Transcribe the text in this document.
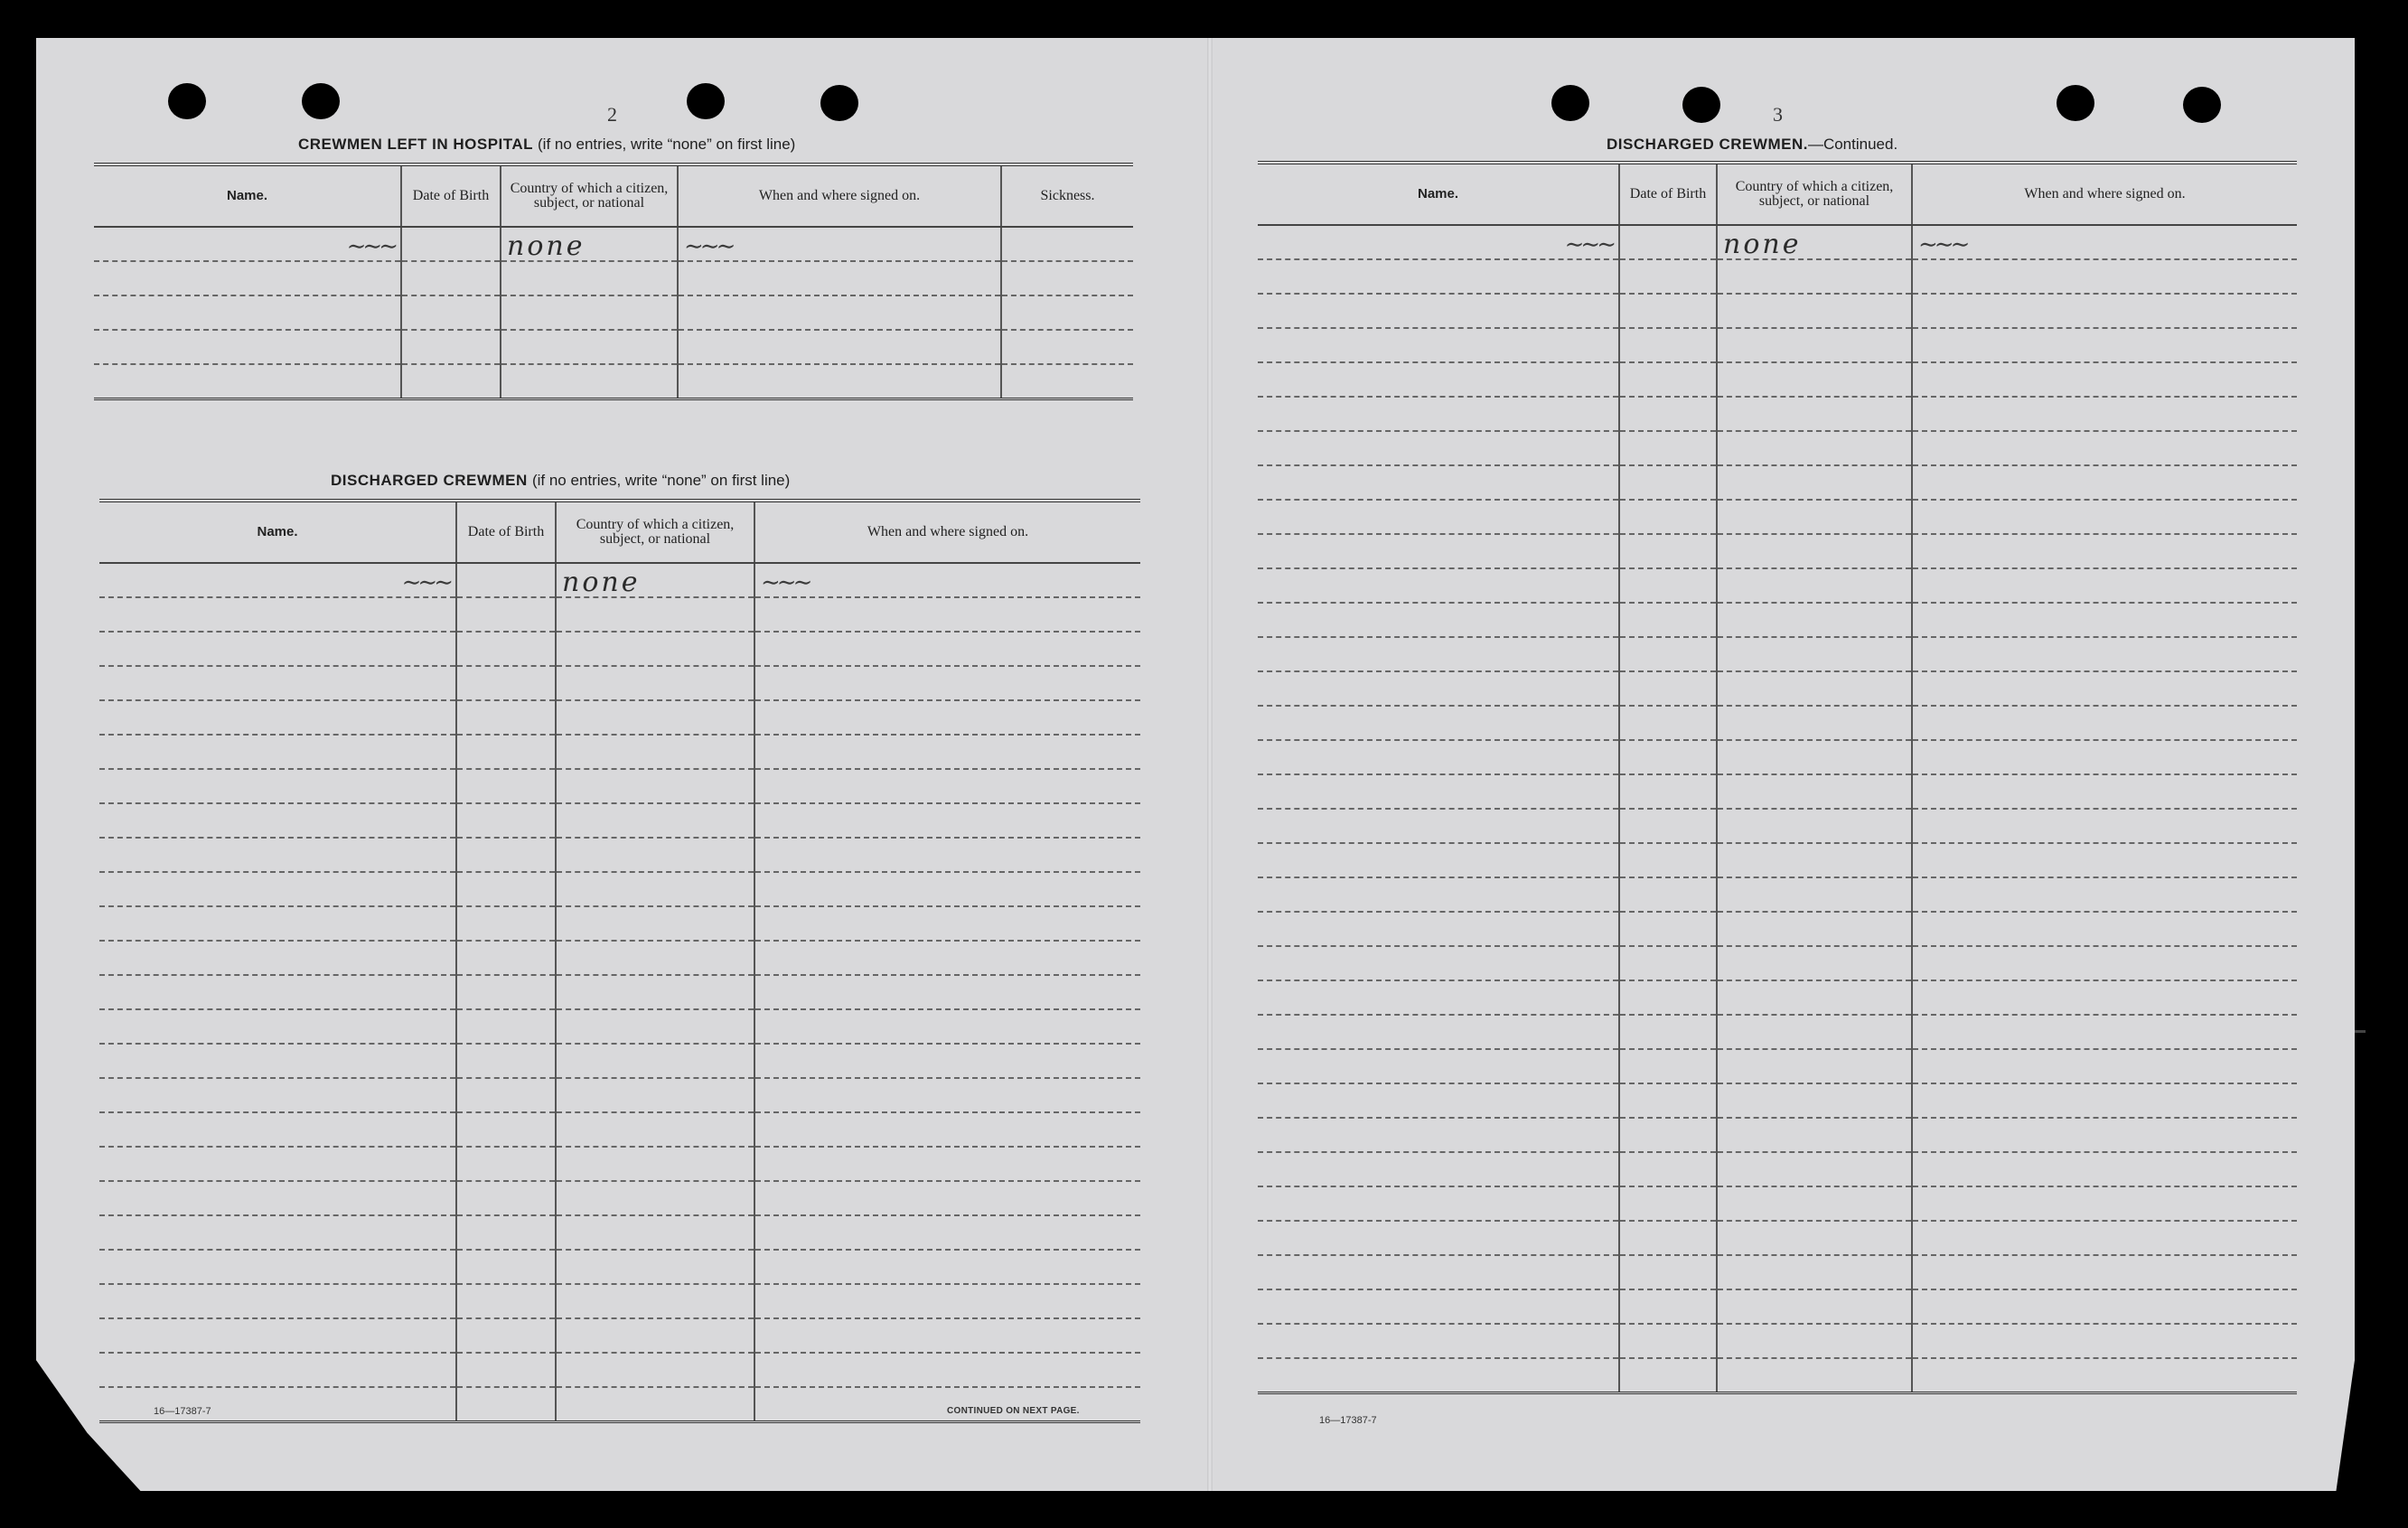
2
CREWMEN LEFT IN HOSPITAL (if no entries, write “none” on first line)
Name.	Date of Birth	Country of which a citizen, subject, or national	When and where signed on.	Sickness.
∼∼∼		none	∼∼∼	

DISCHARGED CREWMEN (if no entries, write “none” on first line)
Name.	Date of Birth	Country of which a citizen, subject, or national	When and where signed on.
∼∼∼		none	∼∼∼

16—17387-7	CONTINUED ON NEXT PAGE.
3
DISCHARGED CREWMEN.—Continued.
Name.	Date of Birth	Country of which a citizen, subject, or national	When and where signed on.
∼∼∼		none	∼∼∼

16—17387-7
